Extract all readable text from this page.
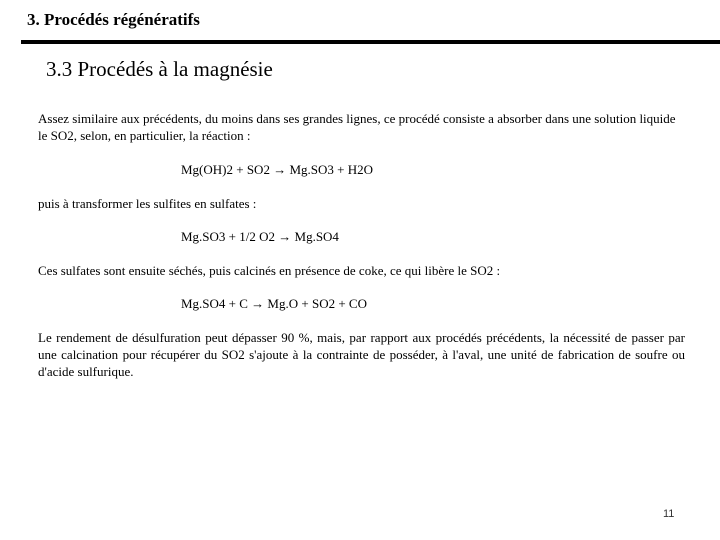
3. Procédés régénératifs
3.3 Procédés à la magnésie

Assez similaire aux précédents, du moins dans ses grandes lignes, ce procédé consiste a absorber dans une solution liquide le SO2, selon, en particulier, la réaction :

Mg(OH)2 + SO2 → Mg.SO3 + H2O

puis à transformer les sulfites en sulfates :

Mg.SO3 + 1/2 O2 → Mg.SO4

Ces sulfates sont ensuite séchés, puis calcinés en présence de coke, ce qui libère le SO2 :

Mg.SO4 + C → Mg.O + SO2 + CO

Le rendement de désulfuration peut dépasser 90 %, mais, par rapport aux procédés précédents, la nécessité de passer par une calcination pour récupérer du SO2 s'ajoute à la contrainte de posséder, à l'aval, une unité de fabrication de soufre ou d'acide sulfurique.

11
